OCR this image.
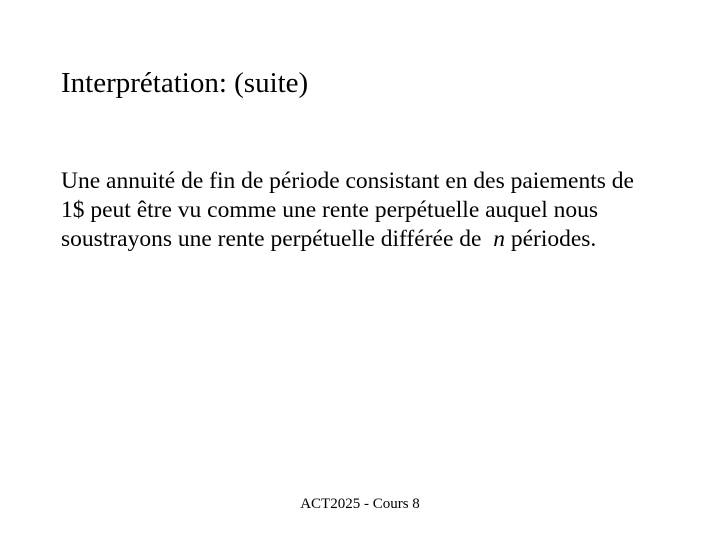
Interprétation: (suite)
Une annuité de fin de période consistant en des paiements de
1$ peut être vu comme une rente perpétuelle auquel nous
soustrayons une rente perpétuelle différée de  n périodes.
ACT2025 - Cours 8
